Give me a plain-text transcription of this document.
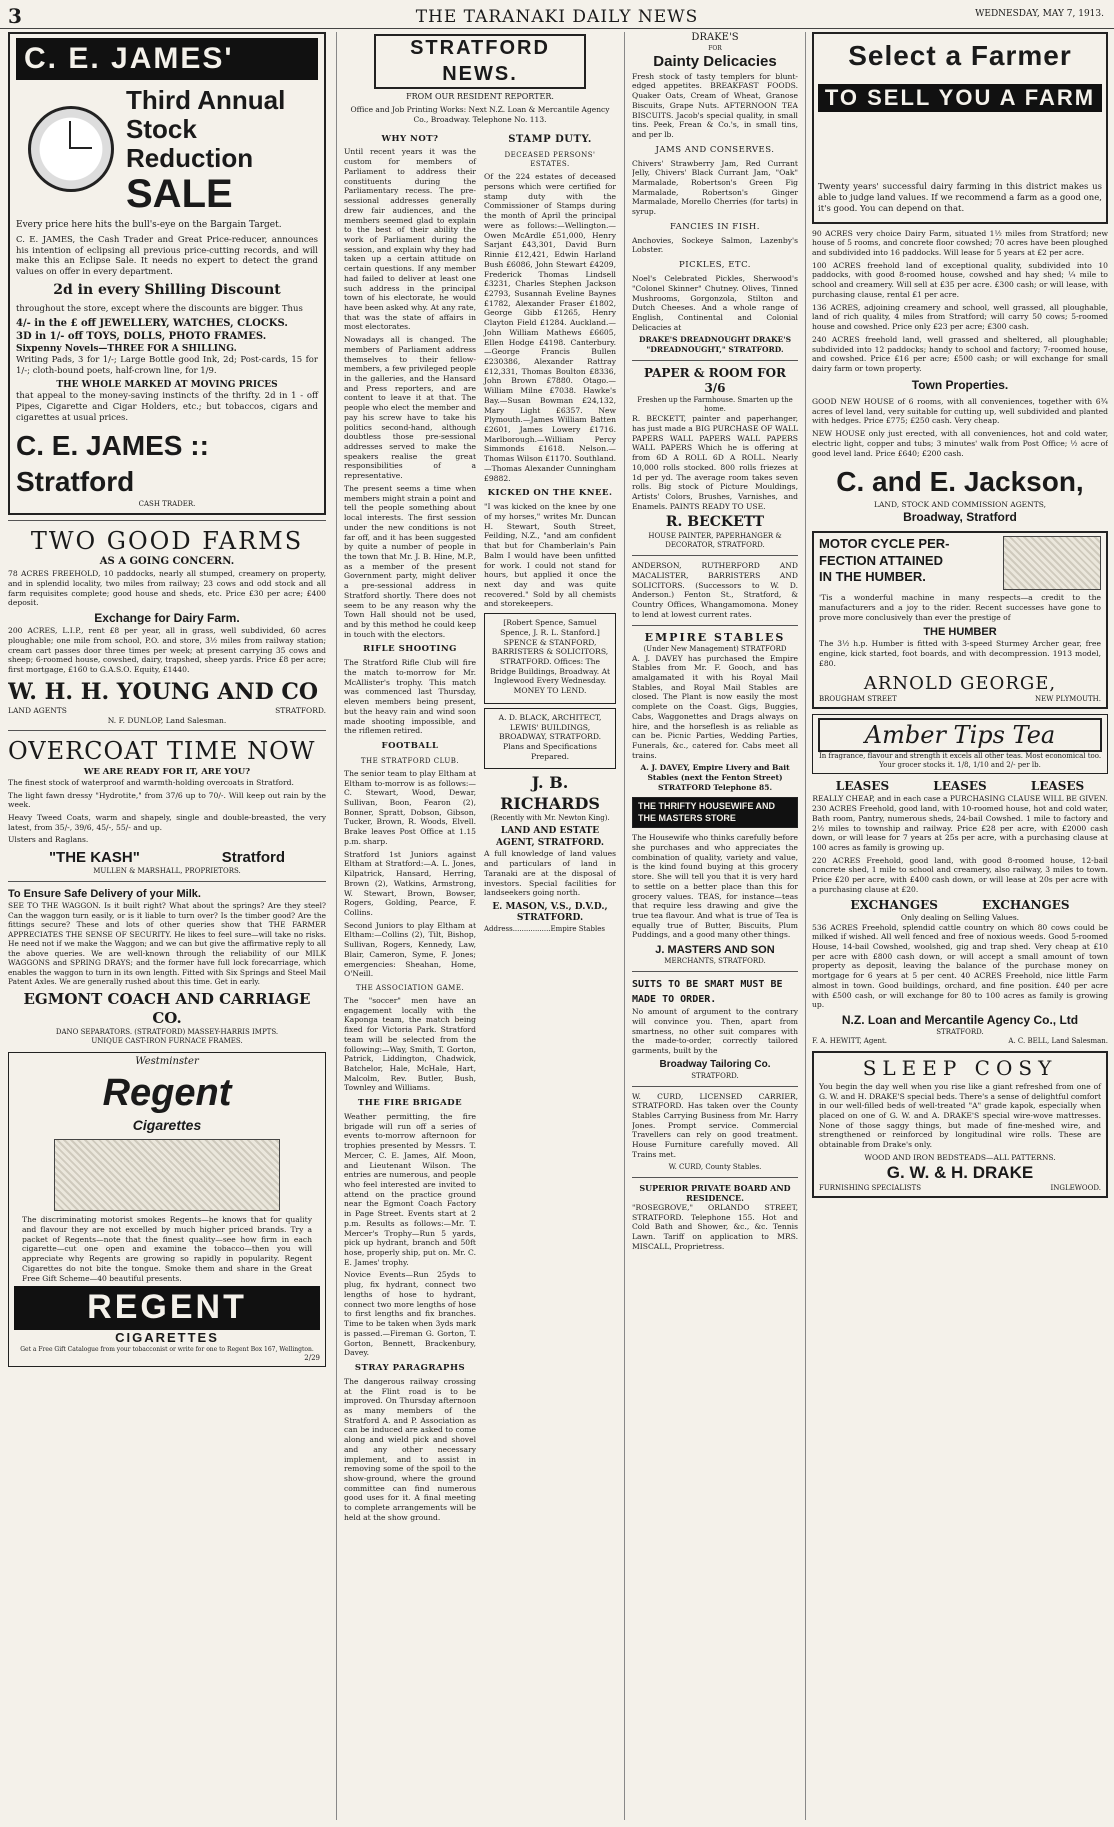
3	THE TARANAKI DAILY NEWS	WEDNESDAY, MAY 7, 1913.
C. E. JAMES'
Third Annual
Stock
Reduction
SALE

Every price here hits the bull's-eye on the Bargain Target.

C. E. JAMES, the Cash Trader and Great Price-reducer, announces his intention of eclipsing all previous price-cutting records, and will make this an Eclipse Sale. It needs no expert to detect the grand values on offer in every department.

2d in every Shilling Discount

throughout the store, except where the discounts are bigger. Thus

4/- in the £ off JEWELLERY, WATCHES, CLOCKS.
3D in 1/- off TOYS, DOLLS, PHOTO FRAMES.
Sixpenny Novels—THREE FOR A SHILLING.

Writing Pads, 3 for 1/-; Large Bottle good Ink, 2d; Post-cards, 15 for 1/-; cloth-bound poets, half-crown line, for 1/9.

THE WHOLE MARKED AT MOVING PRICES

that appeal to the money-saving instincts of the thrifty. 2d in 1 - off Pipes, Cigarette and Cigar Holders, etc.; but tobaccos, cigars and cigarettes at usual prices.

C. E. JAMES :: Stratford
CASH TRADER.
TWO GOOD FARMS
AS A GOING CONCERN.

78 ACRES FREEHOLD, 10 paddocks, nearly all stumped, creamery on property, and in splendid locality, two miles from railway; 23 cows and odd stock and all farm requisites complete; good house and sheds, etc. Price £30 per acre; £400 deposit.

Exchange for Dairy Farm.

200 ACRES, L.I.P., rent £8 per year, all in grass, well subdivided, 60 acres ploughable; one mile from school, P.O. and store, 3½ miles from railway station; cream cart passes door three times per week; at present carrying 35 cows and sheep; 6-roomed house, cowshed, dairy, trapshed, sheep yards. Price £8 per acre; first mortgage, £160 to G.A.S.O. Equity, £1440.

W. H. H. YOUNG AND CO
LAND AGENTS	STRATFORD.
N. F. DUNLOP, Land Salesman.
OVERCOAT TIME NOW
WE ARE READY FOR IT, ARE YOU?

The finest stock of waterproof and warmth-holding overcoats in Stratford.

The light fawn dressy "Hydrotite," from 37/6 up to 70/-. Will keep out rain by the week.

Heavy Tweed Coats, warm and shapely, single and double-breasted, the very latest, from 35/-, 39/6, 45/-, 55/- and up.

Ulsters and Raglans.

"THE KASH"	Stratford
MULLEN & MARSHALL, PROPRIETORS.
To Ensure Safe Delivery of your Milk.

SEE TO THE WAGGON. Is it built right? What about the springs? Are they steel? Can the waggon turn easily, or is it liable to turn over? Is the timber good? Are the fittings secure? These and lots of other queries show that THE FARMER APPRECIATES THE SENSE OF SECURITY. He likes to feel sure—will take no risks. He need not if we make the Waggon; and we can but give the affirmative reply to all the above queries. We are well-known through the reliability of our MILK WAGGONS and SPRING DRAYS; and the former have full lock forecarriage, which enables the waggon to turn in its own length. Fitted with Six Springs and Steel Mail Patent Axles. We are generally rushed about this time. Get in early.

EGMONT COACH AND CARRIAGE CO.
DANO SEPARATORS. (STRATFORD) MASSEY-HARRIS IMPTS.
UNIQUE CAST-IRON FURNACE FRAMES.
Westminster
Regent
Cigarettes

The discriminating motorist smokes Regents—he knows that for quality and flavour they are not excelled by much higher priced brands. Try a packet of Regents—note that the finest quality—see how firm in each cigarette—cut one open and examine the tobacco—then you will appreciate why Regents are growing so rapidly in popularity. Regent Cigarettes do not bite the tongue. Smoke them and share in the Great Free Gift Scheme—40 beautiful presents.

REGENT
CIGARETTES
Get a Free Gift Catalogue from your tobacconist or write for one to Regent Box 167, Wellington.
2/29
STRATFORD NEWS.
FROM OUR RESIDENT REPORTER.
Office and Job Printing Works: Next N.Z. Loan & Mercantile Agency Co., Broadway. Telephone No. 113.
WHY NOT?

Until recent years it was the custom for members of Parliament to address their constituents during the Parliamentary recess. The pre-sessional addresses generally drew fair audiences, and the members seemed glad to explain to the best of their ability the work of Parliament during the session, and explain why they had taken up a certain attitude on certain questions. If any member had failed to deliver at least one such address in the principal town of his electorate, he would have been asked why. At any rate, that was the state of affairs in most electorates.

Nowadays all is changed. The members of Parliament address themselves to their fellow-members, a few privileged people in the galleries, and the Hansard and Press reporters, and are content to leave it at that. The people who elect the member and pay his screw have to take his politics second-hand, although doubtless those pre-sessional addresses served to make the speakers realise the great responsibilities of a representative.

The present seems a time when members might strain a point and tell the people something about local interests. The first session under the new conditions is not far off, and it has been suggested by quite a number of people in the town that Mr. J. B. Hine, M.P., as a member of the present Government party, might deliver a pre-sessional address in Stratford shortly. There does not seem to be any reason why the Town Hall should not be used, and by this method he could keep in touch with the electors.

RIFLE SHOOTING

The Stratford Rifle Club will fire the match to-morrow for Mr. McAllister's trophy. This match was commenced last Thursday, eleven members being present, but the heavy rain and wind soon made shooting impossible, and the riflemen retired.

FOOTBALL
THE STRATFORD CLUB.

The senior team to play Eltham at Eltham to-morrow is as follows:—C. Stewart, Wood, Dewar, Sullivan, Boon, Fearon (2), Bonner, Spratt, Dobson, Gibson, Tucker, Brown, R. Woods, Elvell. Brake leaves Post Office at 1.15 p.m. sharp.

Stratford 1st Juniors against Eltham at Stratford:—A. L. Jones, Kilpatrick, Hansard, Herring, Brown (2), Watkins, Armstrong, W. Stewart, Brown, Bowser, Rogers, Golding, Pearce, F. Collins.

Second Juniors to play Eltham at Eltham:—Collins (2), Tilt, Bishop, Sullivan, Rogers, Kennedy, Law, Blair, Cameron, Syme, F. Jones; emergencies: Sheahan, Home, O'Neill.

THE ASSOCIATION GAME.

The "soccer" men have an engagement locally with the Kaponga team, the match being fixed for Victoria Park. Stratford team will be selected from the following:—Way, Smith, T. Gorton, Patrick, Liddington, Chadwick, Batchelor, Hale, McHale, Hart, Malcolm, Rev. Butler, Bush, Townley and Williams.

THE FIRE BRIGADE

Weather permitting, the fire brigade will run off a series of events to-morrow afternoon for trophies presented by Messrs. T. Mercer, C. E. James, Alf. Moon, and Lieutenant Wilson. The entries are numerous, and people who feel interested are invited to attend on the practice ground near the Egmont Coach Factory in Page Street. Events start at 2 p.m. Results as follows:—Mr. T. Mercer's Trophy—Run 5 yards, pick up hydrant, branch and 50ft hose, properly ship, put on. Mr. C. E. James' trophy.

Novice Events—Run 25yds to plug, fix hydrant, connect two lengths of hose to hydrant, connect two more lengths of hose to first lengths and fix branches. Time to be taken when 3yds mark is passed.—Fireman G. Gorton, T. Gorton, Bennett, Brackenbury, Davey.

STRAY PARAGRAPHS

The dangerous railway crossing at the Flint road is to be improved. On Thursday afternoon as many members of the Stratford A. and P. Association as can be induced are asked to come along and wield pick and shovel and any other necessary implement, and to assist in removing some of the spoil to the show-ground, where the ground committee can find numerous good uses for it. A final meeting to complete arrangements will be held at the show ground.

STAMP DUTY.
DECEASED PERSONS' ESTATES.

Of the 224 estates of deceased persons which were certified for stamp duty with the Commissioner of Stamps during the month of April the principal were as follows:—Wellington.—Owen McArdle £51,000, Henry Sarjant £43,301, David Burn Rinnie £12,421, Edwin Harland Bush £6086, John Stewart £4209, Frederick Thomas Lindsell £3231, Charles Stephen Jackson £2793, Susannah Eveline Baynes £1782, Alexander Fraser £1802, George Gibb £1265, Henry Clayton Field £1284. Auckland.—John William Mathews £6605, Ellen Hodge £4198. Canterbury.—George Francis Bullen £230386, Alexander Rattray £12,331, Thomas Boulton £8336, John Brown £7880. Otago.—William Milne £7038. Hawke's Bay.—Susan Bowman £24,132, Mary Light £6357. New Plymouth.—James William Batten £2601, James Lowery £1716. Marlborough.—William Percy Simmonds £1618. Nelson.—Thomas Wilson £1170. Southland.—Thomas Alexander Cunningham £9882.

KICKED ON THE KNEE.

"I was kicked on the knee by one of my horses," writes Mr. Duncan H. Stewart, South Street, Feilding, N.Z., "and am confident that but for Chamberlain's Pain Balm I would have been unfitted for work. I could not stand for hours, but applied it once the next day and was quite recovered." Sold by all chemists and storekeepers.

[Robert Spence, Samuel Spence, J. R. L. Stanford.] SPENCE & STANFORD, BARRISTERS & SOLICITORS, STRATFORD. Offices: The Bridge Buildings, Broadway. At Inglewood Every Wednesday. MONEY TO LEND.

A. D. BLACK, ARCHITECT, LEWIS' BUILDINGS, BROADWAY, STRATFORD. Plans and Specifications Prepared.

J. B. RICHARDS
(Recently with Mr. Newton King).
LAND AND ESTATE AGENT, STRATFORD.

A full knowledge of land values and particulars of land in Taranaki are at the disposal of investors. Special facilities for landseekers going north.

E. MASON, V.S., D.V.D., STRATFORD.
Address.................Empire Stables
DRAKE'S
FOR
Dainty Delicacies

Fresh stock of tasty templers for blunt-edged appetites. BREAKFAST FOODS. Quaker Oats, Cream of Wheat, Granose Biscuits, Grape Nuts. AFTERNOON TEA BISCUITS. Jacob's special quality, in small tins. Peek, Frean & Co.'s, in small tins, and per lb.

JAMS AND CONSERVES.

Chivers' Strawberry Jam, Red Currant Jelly, Chivers' Black Currant Jam, "Oak" Marmalade, Robertson's Green Fig Marmalade, Robertson's Ginger Marmalade, Morello Cherries (for tarts) in syrup.

FANCIES IN FISH.

Anchovies, Sockeye Salmon, Lazenby's Lobster.

PICKLES, ETC.

Noel's Celebrated Pickles, Sherwood's "Colonel Skinner" Chutney. Olives, Tinned Mushrooms, Gorgonzola, Stilton and Dutch Cheeses. And a whole range of English, Continental and Colonial Delicacies at

DRAKE'S DREADNOUGHT DRAKE'S "DREADNOUGHT," STRATFORD.
PAPER & ROOM FOR 3/6
Freshen up the Farmhouse. Smarten up the home.

R. BECKETT, painter and paperhanger, has just made a BIG PURCHASE OF WALL PAPERS WALL PAPERS WALL PAPERS WALL PAPERS Which he is offering at from 6D A ROLL 6D A ROLL. Nearly 10,000 rolls stocked. 800 rolls friezes at 1d per yd. The average room takes seven rolls. Big stock of Picture Mouldings, Artists' Colors, Brushes, Varnishes, and Enamels. PAINTS READY TO USE.

R. BECKETT
HOUSE PAINTER, PAPERHANGER & DECORATOR, STRATFORD.

ANDERSON, RUTHERFORD AND MACALISTER, BARRISTERS AND SOLICITORS. (Successors to W. D. Anderson.) Fenton St., Stratford, & Country Offices, Whangamomona. Money to lend at lowest current rates.

EMPIRE STABLES
(Under New Management) STRATFORD

A. J. DAVEY has purchased the Empire Stables from Mr. F. Gooch, and has amalgamated it with his Royal Mail Stables, and Royal Mail Stables are closed. The Plant is now easily the most complete on the Coast. Gigs, Buggies, Cabs, Waggonettes and Drags always on hire, and the horseflesh is as reliable as can be. Picnic Parties, Wedding Parties, Funerals, &c., catered for. Cabs meet all trains.

A. J. DAVEY, Empire Livery and Bait Stables (next the Fenton Street) STRATFORD Telephone 85.
THE THRIFTY HOUSEWIFE AND THE MASTERS STORE

The Housewife who thinks carefully before she purchases and who appreciates the combination of quality, variety and value, is the kind found buying at this grocery store. She will tell you that it is very hard to settle on a better place than this for grocery values. TEAS, for instance—teas that require less drawing and give the true tea flavour. And what is true of Tea is equally true of Butter, Biscuits, Plum Puddings, and a good many other things.

J. MASTERS AND SON
MERCHANTS, STRATFORD.
SUITS TO BE SMART MUST BE MADE TO ORDER.

No amount of argument to the contrary will convince you. Then, apart from smartness, no other suit compares with the made-to-order, correctly tailored garments, built by the

Broadway Tailoring Co.
STRATFORD.

W. CURD, LICENSED CARRIER, STRATFORD. Has taken over the County Stables Carrying Business from Mr. Harry Jones. Prompt service. Commercial Travellers can rely on good treatment. House Furniture carefully moved. All Trains met.

W. CURD, County Stables.
SUPERIOR PRIVATE BOARD AND RESIDENCE.

"ROSEGROVE," ORLANDO STREET, STRATFORD. Telephone 155. Hot and Cold Bath and Shower, &c., &c. Tennis Lawn. Tariff on application to MRS. MISCALL, Proprietress.

Select a Farmer
TO SELL YOU A FARM

Twenty years' successful dairy farming in this district makes us able to judge land values. If we recommend a farm as a good one, it's good. You can depend on that.

90 ACRES very choice Dairy Farm, situated 1½ miles from Stratford; new house of 5 rooms, and concrete floor cowshed; 70 acres have been ploughed and subdivided into 16 paddocks. Will lease for 5 years at £2 per acre.

100 ACRES freehold land of exceptional quality, subdivided into 10 paddocks, with good 8-roomed house, cowshed and hay shed; ¼ mile to school and creamery. Will sell at £35 per acre. £300 cash; or will lease, with purchasing clause, rental £1 per acre.

136 ACRES, adjoining creamery and school, well grassed, all ploughable, land of rich quality, 4 miles from Stratford; will carry 50 cows; 5-roomed house and cowshed. Price only £23 per acre; £300 cash.

240 ACRES freehold land, well grassed and sheltered, all ploughable; subdivided into 12 paddocks; handy to school and factory; 7-roomed house, and cowshed. Price £16 per acre; £500 cash; or will exchange for small dairy farm or town property.

Town Properties.

GOOD NEW HOUSE of 6 rooms, with all conveniences, together with 6¾ acres of level land, very suitable for cutting up, well subdivided and planted with hedges. Price £775; £250 cash. Very cheap.

NEW HOUSE only just erected, with all conveniences, hot and cold water, electric light, copper and tubs; 3 minutes' walk from Post Office; ½ acre of good level land. Price £640; £200 cash.

C. and E. Jackson,
LAND, STOCK AND COMMISSION AGENTS,
Broadway, Stratford
MOTOR CYCLE PER-
FECTION ATTAINED
IN THE HUMBER.

'Tis a wonderful machine in many respects—a credit to the manufacturers and a joy to the rider. Recent successes have gone to prove more conclusively than ever the prestige of

THE HUMBER

The 3½ h.p. Humber is fitted with 3-speed Sturmey Archer gear, free engine, kick started, foot boards, and with decompression. 1913 model, £80.

ARNOLD GEORGE,
BROUGHAM STREET	NEW PLYMOUTH.
Amber Tips Tea
In fragrance, flavour and strength it excels all other teas. Most economical too. Your grocer stocks it. 1/8, 1/10 and 2/- per lb.
LEASES LEASES LEASES
REALLY CHEAP, and in each case a PURCHASING CLAUSE WILL BE GIVEN.

230 ACRES Freehold, good land, with 10-roomed house, hot and cold water, Bath room, Pantry, numerous sheds, 24-bail Cowshed. 1 mile to factory and 2½ miles to township and railway. Price £28 per acre, with £2000 cash down, or will lease for 7 years at 25s per acre, with a purchasing clause at 100 acres as family is growing up.

220 ACRES Freehold, good land, with good 8-roomed house, 12-bail concrete shed, 1 mile to school and creamery, also railway, 3 miles to town. Price £20 per acre, with £400 cash down, or will lease at 20s per acre with a purchasing clause at £20.

EXCHANGES EXCHANGES
Only dealing on Selling Values.

536 ACRES Freehold, splendid cattle country on which 80 cows could be milked if wished. All well fenced and free of noxious weeds. Good 5-roomed House, 14-bail Cowshed, woolshed, gig and trap shed. Very cheap at £10 per acre with £800 cash down, or will accept a small amount of town property as deposit, leaving the balance of the purchase money on mortgage for 6 years at 5 per cent. 40 ACRES Freehold, nice little Farm almost in town. Good buildings, orchard, and fine position. £40 per acre with £500 cash, or will exchange for 80 to 100 acres as family is growing up.

N.Z. Loan and Mercantile Agency Co., Ltd
STRATFORD.
F. A. HEWITT, Agent.	A. C. BELL, Land Salesman.
SLEEP COSY

You begin the day well when you rise like a giant refreshed from one of G. W. and H. DRAKE'S special beds. There's a sense of delightful comfort in our well-filled beds of well-treated "A" grade kapok, especially when placed on one of G. W. and A. DRAKE'S special wire-wove mattresses. None of those saggy things, but made of fine-meshed wire, and strengthened or reinforced by longitudinal wire rolls. These are obtainable from Drake's only.

WOOD AND IRON BEDSTEADS—ALL PATTERNS.
G. W. & H. DRAKE
FURNISHING SPECIALISTS	INGLEWOOD.
